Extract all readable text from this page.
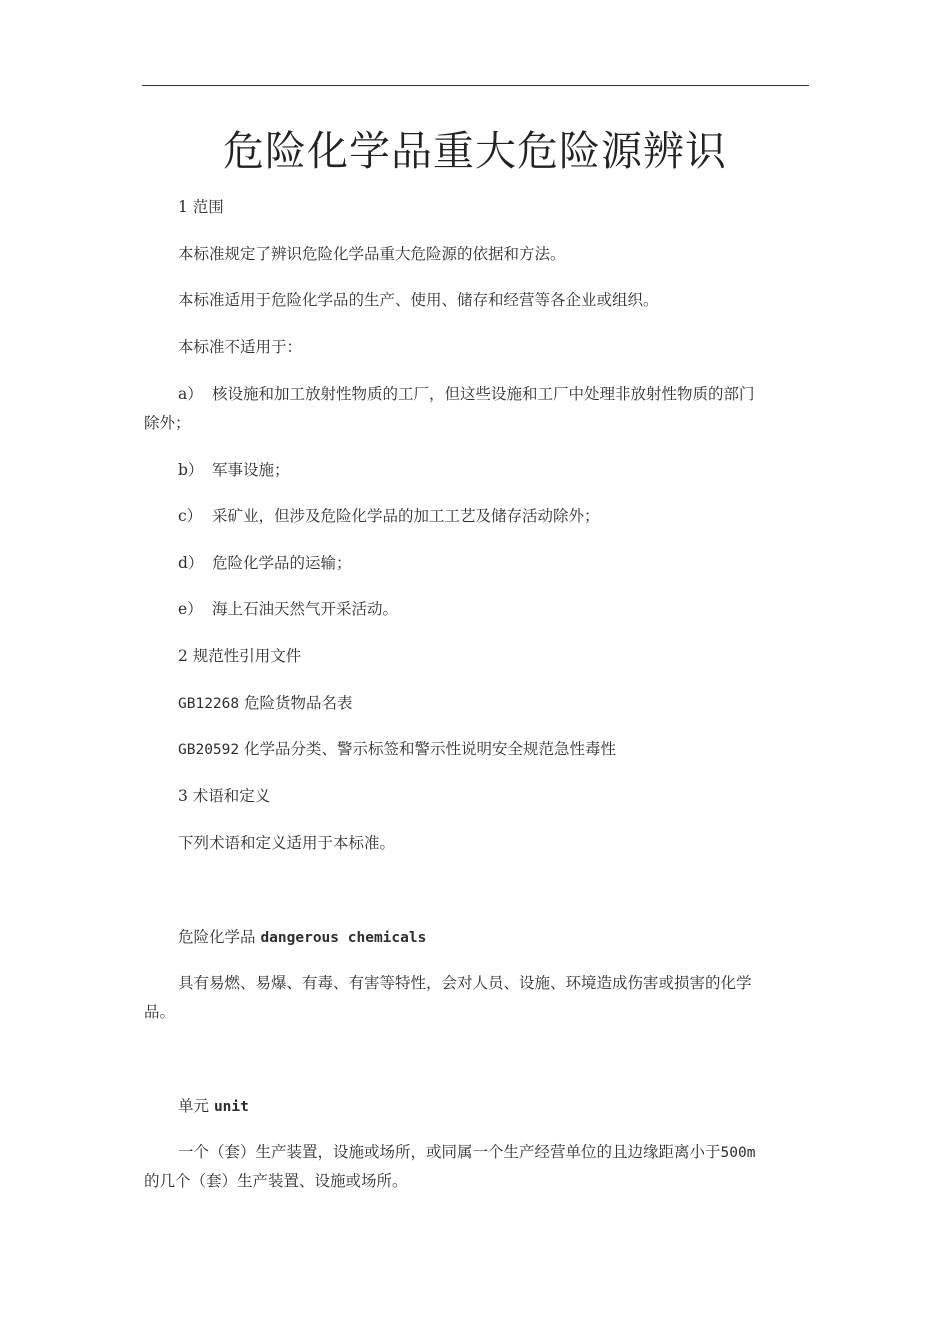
危险化学品重大危险源辨识
1 范围
本标准规定了辨识危险化学品重大危险源的依据和方法。
本标准适用于危险化学品的生产、使用、储存和经营等各企业或组织。
本标准不适用于：
a） 核设施和加工放射性物质的工厂，但这些设施和工厂中处理非放射性物质的部门
除外；
b） 军事设施；
c） 采矿业，但涉及危险化学品的加工工艺及储存活动除外；
d） 危险化学品的运输；
e） 海上石油天然气开采活动。
2 规范性引用文件
GB12268 危险货物品名表
GB20592 化学品分类、警示标签和警示性说明安全规范急性毒性
3 术语和定义
下列术语和定义适用于本标准。
危险化学品 dangerous chemicals
具有易燃、易爆、有毒、有害等特性，会对人员、设施、环境造成伤害或损害的化学
品。
单元 unit
一个（套）生产装置，设施或场所，或同属一个生产经营单位的且边缘距离小于500m
的几个（套）生产装置、设施或场所。
